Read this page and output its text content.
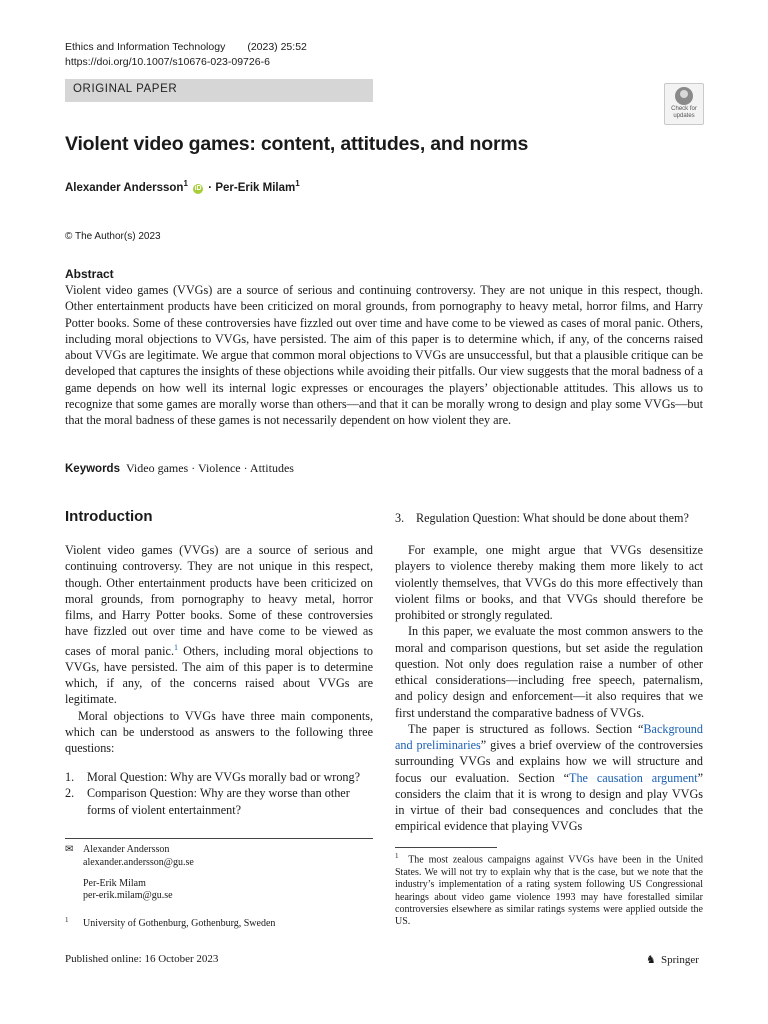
Ethics and Information Technology (2023) 25:52
https://doi.org/10.1007/s10676-023-09726-6
ORIGINAL PAPER
Check for updates
Violent video games: content, attitudes, and norms
Alexander Andersson$^1$ iD · Per-Erik Milam$^1$
© The Author(s) 2023
Abstract
Violent video games (VVGs) are a source of serious and continuing controversy. They are not unique in this respect, though. Other entertainment products have been criticized on moral grounds, from pornography to heavy metal, horror films, and Harry Potter books. Some of these controversies have fizzled out over time and have come to be viewed as cases of moral panic. Others, including moral objections to VVGs, have persisted. The aim of this paper is to determine which, if any, of the concerns raised about VVGs are legitimate. We argue that common moral objections to VVGs are unsuccessful, but that a plausible critique can be developed that captures the insights of these objections while avoiding their pitfalls. Our view suggests that the moral badness of a game depends on how well its internal logic expresses or encourages the players’ objectionable attitudes. This allows us to recognize that some games are morally worse than others—and that it can be morally wrong to design and play some VVGs—but that the moral badness of these games is not necessarily dependent on how violent they are.
Keywords Video games · Violence · Attitudes
Introduction

Violent video games (VVGs) are a source of serious and continuing controversy. They are not unique in this respect, though. Other entertainment products have been criticized on moral grounds, from pornography to heavy metal, horror films, and Harry Potter books. Some of these controversies have fizzled out over time and have come to be viewed as cases of moral panic.$^1$ Others, including moral objections to VVGs, have persisted. The aim of this paper is to determine which, if any, of the concerns raised about VVGs are legitimate.

Moral objections to VVGs have three main components, which can be understood as answers to the following three questions:

1.	Moral Question: Why are VVGs morally bad or wrong?
2.	Comparison Question: Why are they worse than other forms of violent entertainment?
3. Regulation Question: What should be done about them?

For example, one might argue that VVGs desensitize players to violence thereby making them more likely to act violently themselves, that VVGs do this more effectively than violent films or books, and that VVGs should therefore be prohibited or strongly regulated.

In this paper, we evaluate the most common answers to the moral and comparison questions, but set aside the regulation question. Not only does regulation raise a number of other ethical considerations—including free speech, paternalism, and policy design and enforcement—it also requires that we first understand the comparative badness of VVGs.

The paper is structured as follows. Section “Background and preliminaries” gives a brief overview of the controversies surrounding VVGs and explains how we will structure and focus our evaluation. Section “The causation argument” considers the claim that it is wrong to design and play VVGs in virtue of their bad consequences and concludes that the empirical evidence that playing VVGs

✉ Alexander Andersson
alexander.andersson@gu.se
Per-Erik Milam
per-erik.milam@gu.se
$^1$ University of Gothenburg, Gothenburg, Sweden
$^1$ The most zealous campaigns against VVGs have been in the United States. We will not try to explain why that is the case, but we note that the industry’s implementation of a rating system following US Congressional hearings about video game violence 1993 may have forestalled similar controversies elsewhere as similar ratings systems were applied outside the US.
Published online: 16 October 2023	♞ Springer
